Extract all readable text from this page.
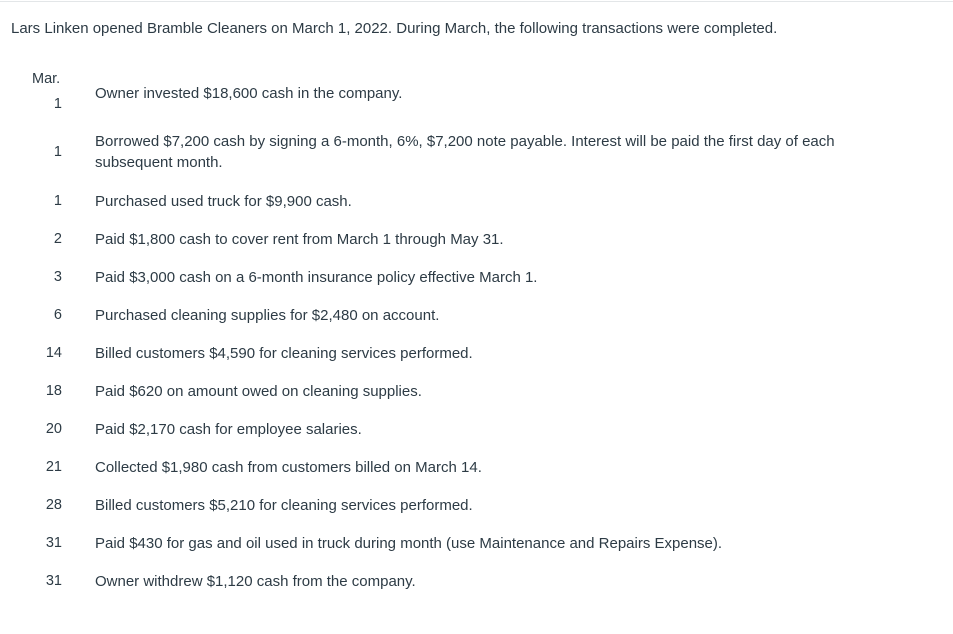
Lars Linken opened Bramble Cleaners on March 1, 2022. During March, the following transactions were completed.
Mar.
1
Owner invested $18,600 cash in the company.
1
Borrowed $7,200 cash by signing a 6-month, 6%, $7,200 note payable. Interest will be paid the first day of each subsequent month.
1 Purchased used truck for $9,900 cash.
2 Paid $1,800 cash to cover rent from March 1 through May 31.
3 Paid $3,000 cash on a 6-month insurance policy effective March 1.
6 Purchased cleaning supplies for $2,480 on account.
14 Billed customers $4,590 for cleaning services performed.
18 Paid $620 on amount owed on cleaning supplies.
20 Paid $2,170 cash for employee salaries.
21 Collected $1,980 cash from customers billed on March 14.
28 Billed customers $5,210 for cleaning services performed.
31 Paid $430 for gas and oil used in truck during month (use Maintenance and Repairs Expense).
31 Owner withdrew $1,120 cash from the company.
